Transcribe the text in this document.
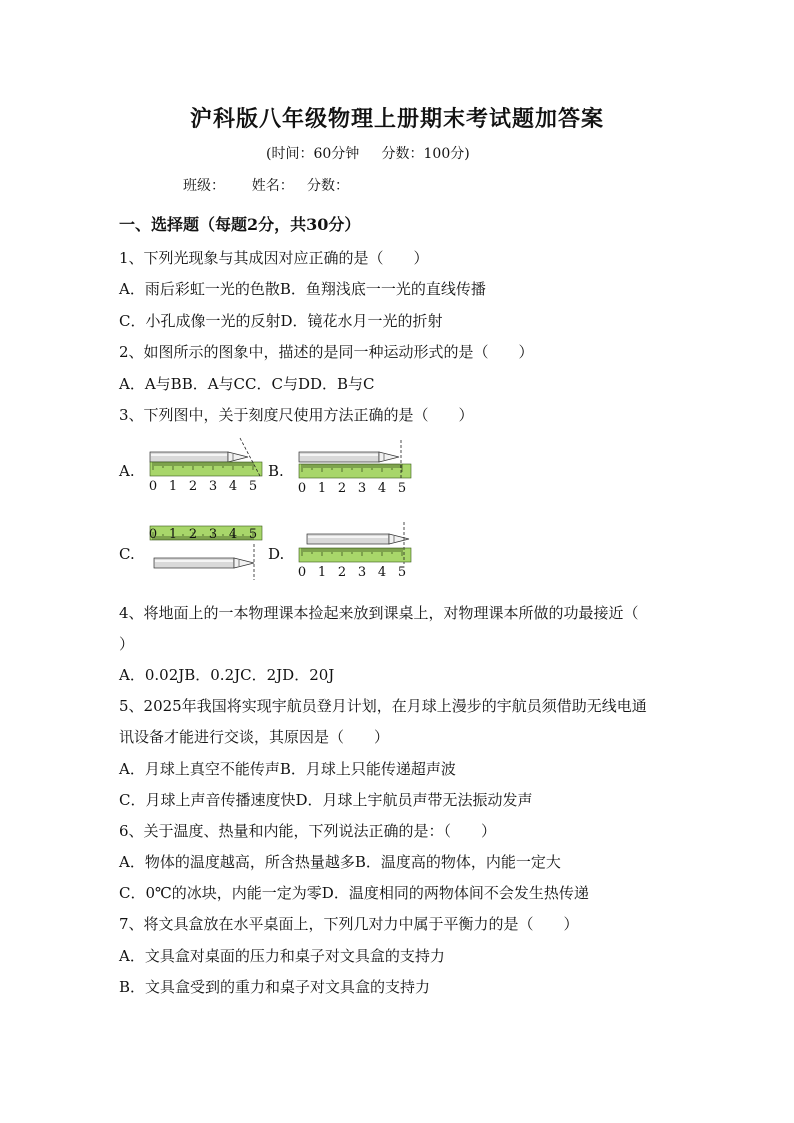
沪科版八年级物理上册期末考试题加答案
(时间：60分钟     分数：100分)
班级：      姓名：   分数：
一、选择题（每题2分，共30分）
1、下列光现象与其成因对应正确的是（　　）
A．雨后彩虹一光的色散B．鱼翔浅底一一光的直线传播
C．小孔成像一光的反射D．镜花水月一光的折射
2、如图所示的图象中，描述的是同一种运动形式的是（　　）
A．A与BB．A与CC．C与DD．B与C
3、下列图中，关于刻度尺使用方法正确的是（　　）
A.	B.
C.	D.
0 1 2 3 4 5	0 1 2 3 4 5
0 1 2 3 4 5
0 1 2 3 4 5
4、将地面上的一本物理课本捡起来放到课桌上，对物理课本所做的功最接近（
）
A．0.02JB．0.2JC．2JD．20J
5、2025年我国将实现宇航员登月计划，在月球上漫步的宇航员须借助无线电通
讯设备才能进行交谈，其原因是（　　）
A．月球上真空不能传声B．月球上只能传递超声波
C．月球上声音传播速度快D．月球上宇航员声带无法振动发声
6、关于温度、热量和内能，下列说法正确的是：（　　）
A．物体的温度越高，所含热量越多B．温度高的物体，内能一定大
C．0℃的冰块，内能一定为零D．温度相同的两物体间不会发生热传递
7、将文具盒放在水平桌面上，下列几对力中属于平衡力的是（　　）
A．文具盒对桌面的压力和桌子对文具盒的支持力
B．文具盒受到的重力和桌子对文具盒的支持力
